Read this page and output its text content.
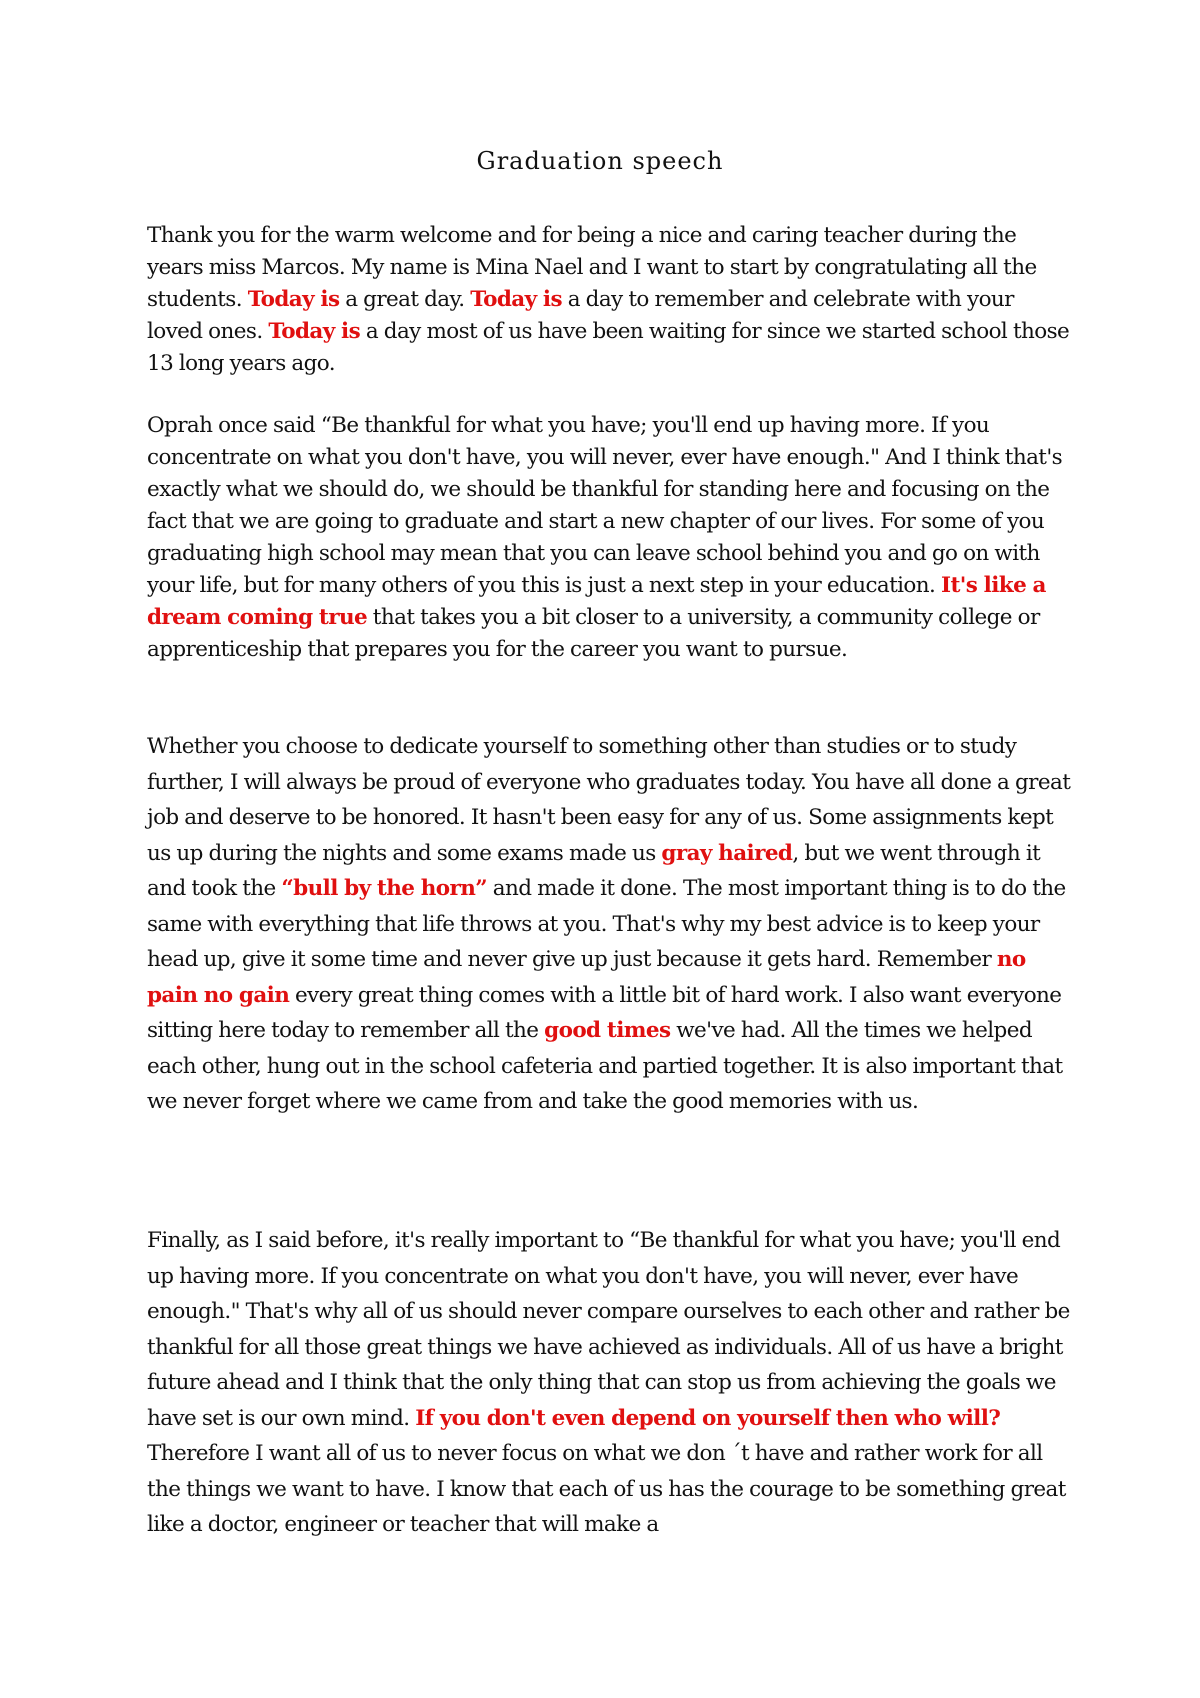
Graduation speech

Thank you for the warm welcome and for being a nice and caring teacher during the years miss Marcos. My name is Mina Nael and I want to start by congratulating all the students. Today is a great day. Today is a day to remember and celebrate with your loved ones. Today is a day most of us have been waiting for since we started school those 13 long years ago.

Oprah once said “Be thankful for what you have; you'll end up having more. If you concentrate on what you don't have, you will never, ever have enough." And I think that's exactly what we should do, we should be thankful for standing here and focusing on the fact that we are going to graduate and start a new chapter of our lives. For some of you graduating high school may mean that you can leave school behind you and go on with your life, but for many others of you this is just a next step in your education. It's like a dream coming true that takes you a bit closer to a university, a community college or apprenticeship that prepares you for the career you want to pursue.

Whether you choose to dedicate yourself to something other than studies or to study further, I will always be proud of everyone who graduates today. You have all done a great job and deserve to be honored. It hasn't been easy for any of us. Some assignments kept us up during the nights and some exams made us gray haired, but we went through it and took the “bull by the horn” and made it done. The most important thing is to do the same with everything that life throws at you. That's why my best advice is to keep your head up, give it some time and never give up just because it gets hard. Remember no pain no gain every great thing comes with a little bit of hard work. I also want everyone sitting here today to remember all the good times we've had. All the times we helped each other, hung out in the school cafeteria and partied together. It is also important that we never forget where we came from and take the good memories with us.

Finally, as I said before, it's really important to “Be thankful for what you have; you'll end up having more. If you concentrate on what you don't have, you will never, ever have enough." That's why all of us should never compare ourselves to each other and rather be thankful for all those great things we have achieved as individuals. All of us have a bright future ahead and I think that the only thing that can stop us from achieving the goals we have set is our own mind. If you don't even depend on yourself then who will? Therefore I want all of us to never focus on what we don ´t have and rather work for all the things we want to have. I know that each of us has the courage to be something great like a doctor, engineer or teacher that will make a
